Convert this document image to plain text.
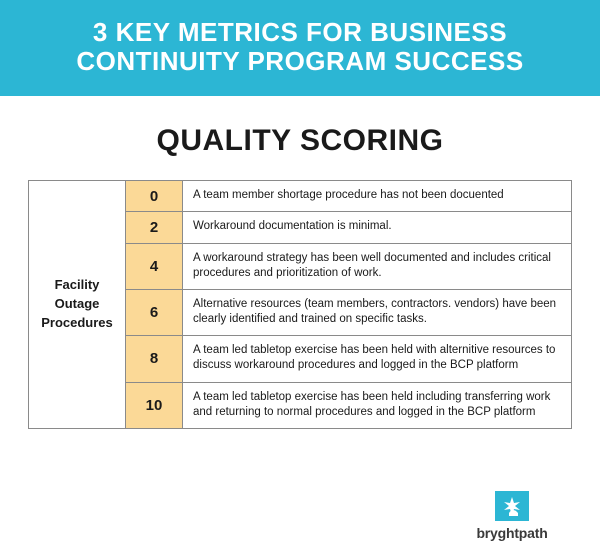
3 KEY METRICS FOR BUSINESS
CONTINUITY PROGRAM SUCCESS
QUALITY SCORING
Facility
Outage
Procedures	0	A team member shortage procedure has not been docuented
	2	Workaround documentation is minimal.
	4	A workaround strategy has been well documented and includes critical procedures and prioritization of work.
	6	Alternative resources (team members, contractors. vendors) have been clearly identified and trained on specific tasks.
	8	A team led tabletop exercise has been held with alternitive resources to discuss workaround procedures and logged in the BCP platform
	10	A team led tabletop exercise has been held including transferring work and returning to normal procedures and logged in the BCP platform
bryghtpath
